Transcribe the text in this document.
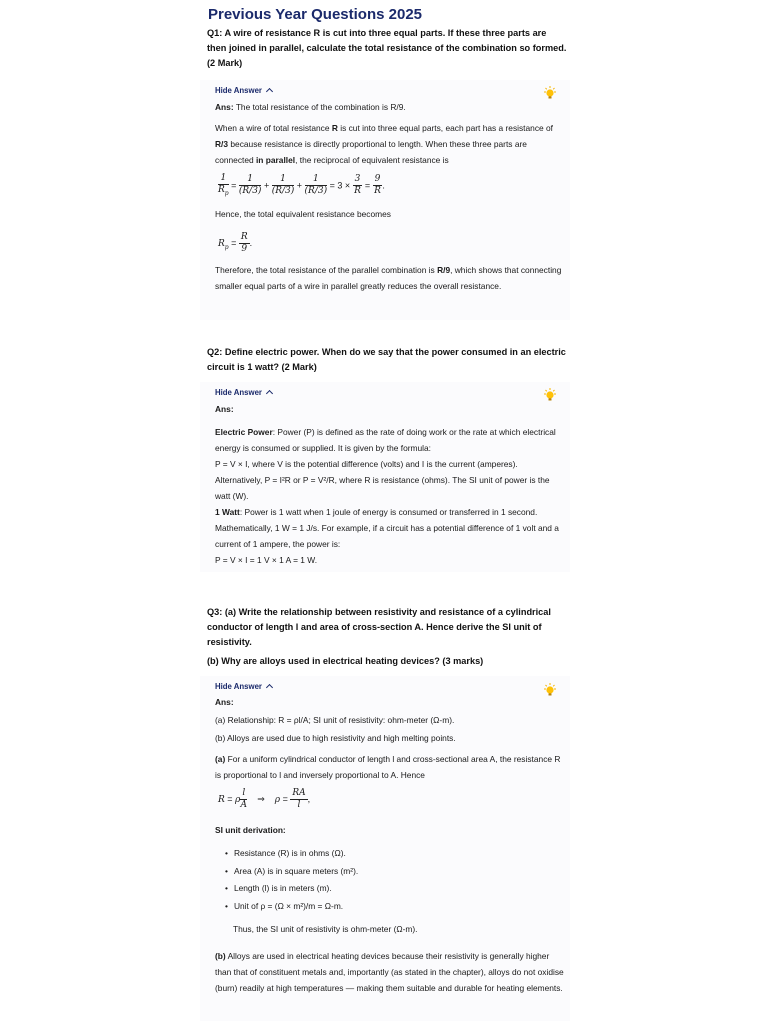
Previous Year Questions 2025
Q1: A wire of resistance R is cut into three equal parts. If these three parts are then joined in parallel, calculate the total resistance of the combination so formed. (2 Mark)
Hide Answer
Ans: The total resistance of the combination is R/9.
When a wire of total resistance R is cut into three equal parts, each part has a resistance of R/3 because resistance is directly proportional to length. When these three parts are connected in parallel, the reciprocal of equivalent resistance is
$\frac{1}{R_p} = \frac{1}{(R/3)} + \frac{1}{(R/3)} + \frac{1}{(R/3)} = 3 \times \frac{3}{R} = \frac{9}{R}$ .
Hence, the total equivalent resistance becomes
$R_p = \frac{R}{9}$ .
Therefore, the total resistance of the parallel combination is R/9, which shows that connecting smaller equal parts of a wire in parallel greatly reduces the overall resistance.
Q2: Define electric power. When do we say that the power consumed in an electric circuit is 1 watt? (2 Mark)
Hide Answer
Ans:
Electric Power: Power (P) is defined as the rate of doing work or the rate at which electrical energy is consumed or supplied. It is given by the formula:
P = V × I, where V is the potential difference (volts) and I is the current (amperes). Alternatively, P = I²R or P = V²/R, where R is resistance (ohms). The SI unit of power is the watt (W).
1 Watt: Power is 1 watt when 1 joule of energy is consumed or transferred in 1 second. Mathematically, 1 W = 1 J/s. For example, if a circuit has a potential difference of 1 volt and a current of 1 ampere, the power is:
P = V × I = 1 V × 1 A = 1 W.
Q3: (a) Write the relationship between resistivity and resistance of a cylindrical conductor of length l and area of cross-section A. Hence derive the SI unit of resistivity.
(b) Why are alloys used in electrical heating devices? (3 marks)
Hide Answer
Ans:
(a) Relationship: R = ρl/A; SI unit of resistivity: ohm-meter (Ω-m).
(b) Alloys are used due to high resistivity and high melting points.
(a) For a uniform cylindrical conductor of length l and cross-sectional area A, the resistance R is proportional to l and inversely proportional to A. Hence
R = ρ $\frac{l}{A}$ ⇒    $\rho = \frac{RA}{l}$ ,
SI unit derivation:
• Resistance (R) is in ohms (Ω).
• Area (A) is in square meters (m²).
• Length (l) is in meters (m).
• Unit of ρ = (Ω × m²)/m = Ω-m.
Thus, the SI unit of resistivity is ohm-meter (Ω-m).
(b) Alloys are used in electrical heating devices because their resistivity is generally higher than that of constituent metals and, importantly (as stated in the chapter), alloys do not oxidise (burn) readily at high temperatures — making them suitable and durable for heating elements.
